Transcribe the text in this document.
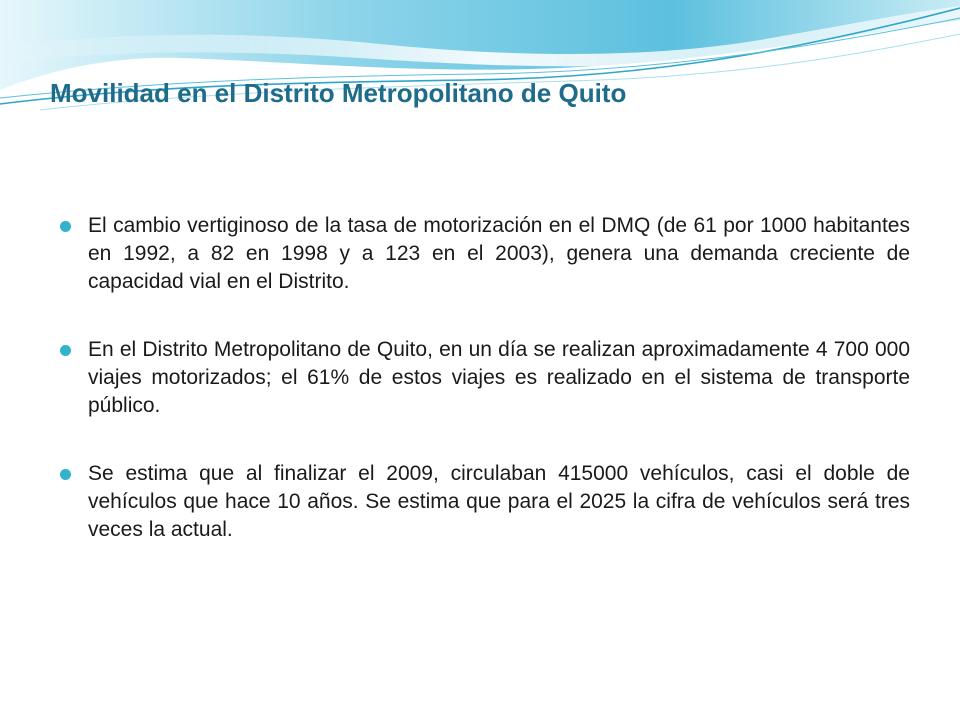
Movilidad en el Distrito Metropolitano de Quito
El cambio vertiginoso de la tasa de motorización en el DMQ (de 61 por 1000 habitantes en 1992, a 82 en 1998 y a 123 en el 2003), genera una demanda creciente de capacidad vial en el Distrito.
En el Distrito Metropolitano de Quito, en un día se realizan aproximadamente 4 700 000 viajes motorizados; el 61% de estos viajes es realizado en el sistema de transporte público.
Se estima que al finalizar el 2009, circulaban 415000 vehículos, casi el doble de vehículos que hace 10 años. Se estima que para el 2025 la cifra de vehículos será tres veces la actual.
